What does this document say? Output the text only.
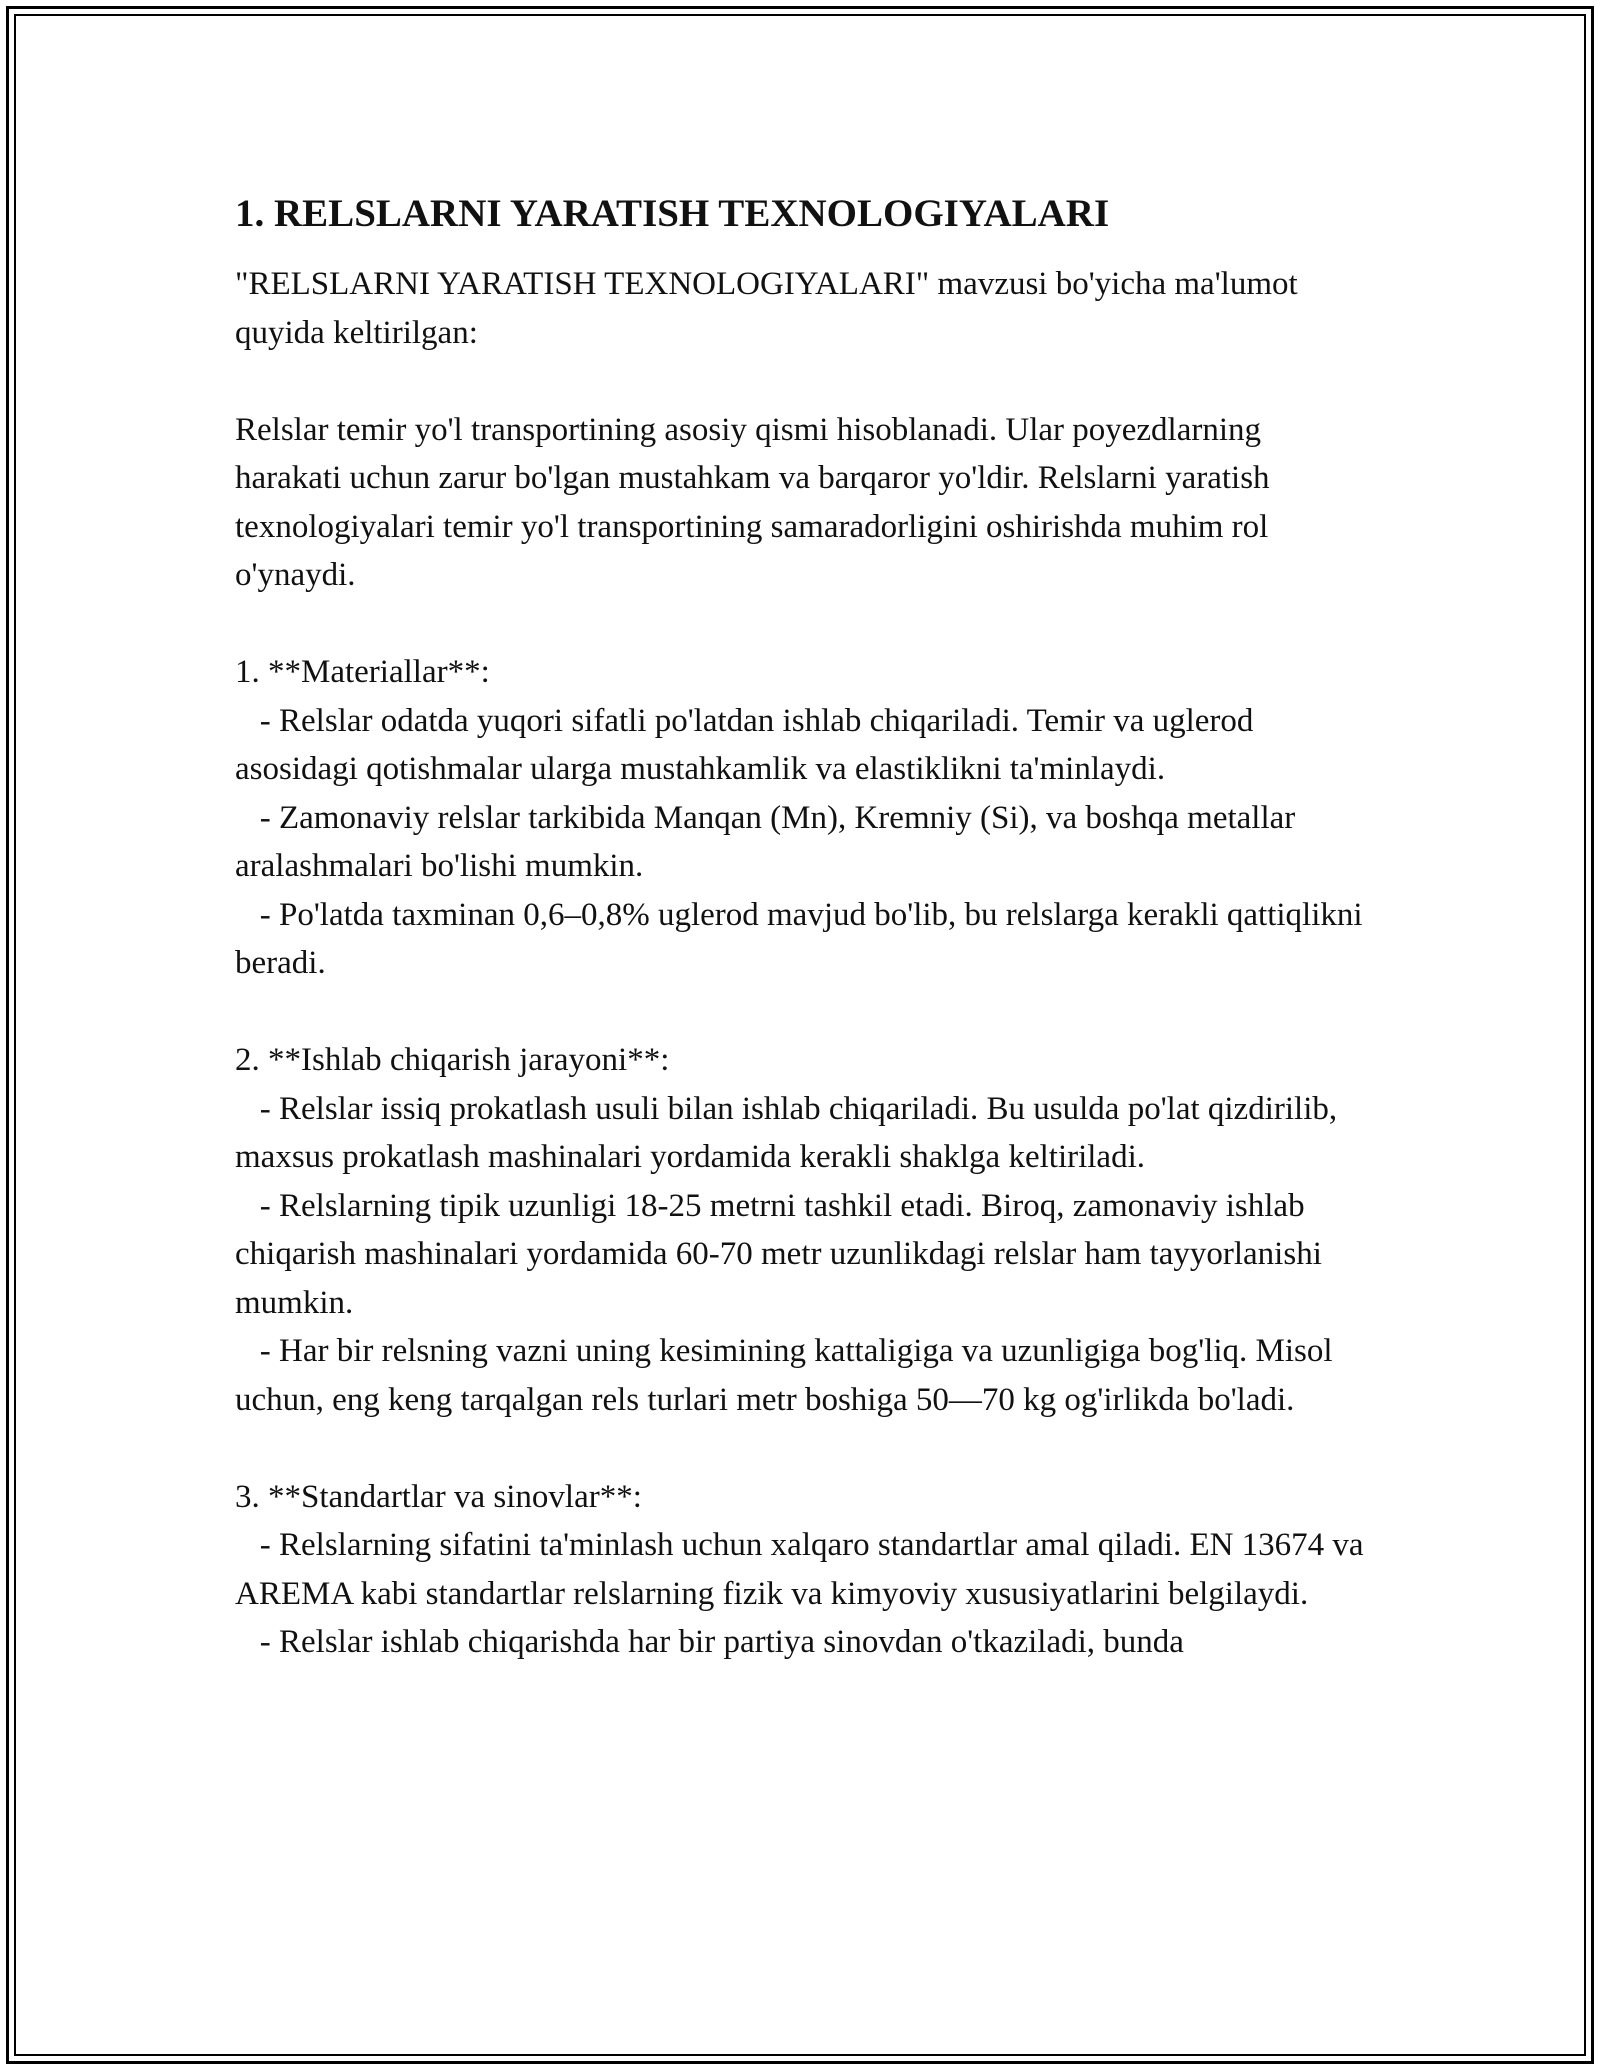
1. RELSLARNI YARATISH TEXNOLOGIYALARI

"RELSLARNI YARATISH TEXNOLOGIYALARI" mavzusi bo'yicha ma'lumot quyida keltirilgan:

Relslar temir yo'l transportining asosiy qismi hisoblanadi. Ular poyezdlarning harakati uchun zarur bo'lgan mustahkam va barqaror yo'ldir. Relslarni yaratish texnologiyalari temir yo'l transportining samaradorligini oshirishda muhim rol o'ynaydi.

1. **Materiallar**:

- Relslar odatda yuqori sifatli po'latdan ishlab chiqariladi. Temir va uglerod asosidagi qotishmalar ularga mustahkamlik va elastiklikni ta'minlaydi.

- Zamonaviy relslar tarkibida Manqan (Mn), Kremniy (Si), va boshqa metallar aralashmalari bo'lishi mumkin.

- Po'latda taxminan 0,6–0,8% uglerod mavjud bo'lib, bu relslarga kerakli qattiqlikni beradi.

2. **Ishlab chiqarish jarayoni**:

- Relslar issiq prokatlash usuli bilan ishlab chiqariladi. Bu usulda po'lat qizdirilib, maxsus prokatlash mashinalari yordamida kerakli shaklga keltiriladi.

- Relslarning tipik uzunligi 18-25 metrni tashkil etadi. Biroq, zamonaviy ishlab chiqarish mashinalari yordamida 60-70 metr uzunlikdagi relslar ham tayyorlanishi mumkin.

- Har bir relsning vazni uning kesimining kattaligiga va uzunligiga bog'liq. Misol uchun, eng keng tarqalgan rels turlari metr boshiga 50—70 kg og'irlikda bo'ladi.

3. **Standartlar va sinovlar**:

- Relslarning sifatini ta'minlash uchun xalqaro standartlar amal qiladi. EN 13674 va AREMA kabi standartlar relslarning fizik va kimyoviy xususiyatlarini belgilaydi.

- Relslar ishlab chiqarishda har bir partiya sinovdan o'tkaziladi, bunda
